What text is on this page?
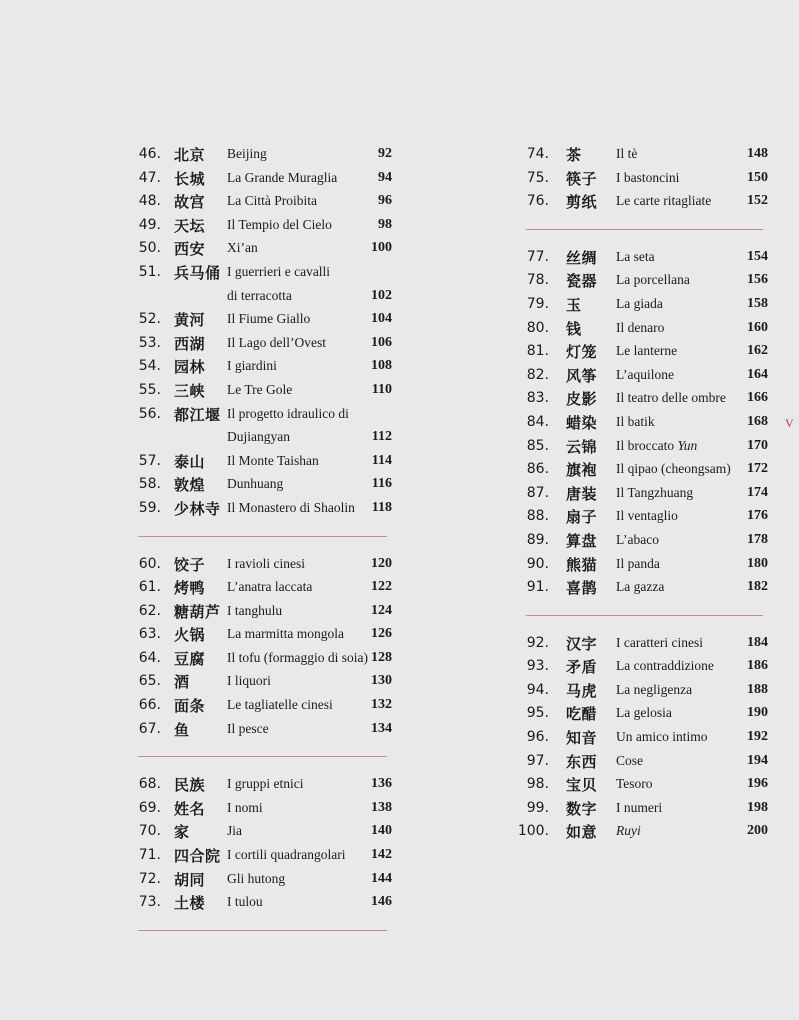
46. 北京 Beijing	92
47. 长城 La Grande Muraglia	94
48. 故宫 La Città Proibita	96
49. 天坛 Il Tempio del Cielo	98
50. 西安 Xi’an	100
51. 兵马俑 I guerrieri e cavalli
di terracotta	102
52. 黄河 Il Fiume Giallo	104
53. 西湖 Il Lago dell’Ovest	106
54. 园林 I giardini	108
55. 三峡 Le Tre Gole	110
56. 都江堰 Il progetto idraulico di
Dujiangyan	112
57. 泰山 Il Monte Taishan	114
58. 敦煌 Dunhuang	116
59. 少林寺 Il Monastero di Shaolin 118
60. 饺子 I ravioli cinesi	120
61. 烤鸭 L’anatra laccata	122
62. 糖葫芦 I tanghulu	124
63. 火锅 La marmitta mongola 126
64. 豆腐 Il tofu (formaggio di soia) 128
65. 酒	I liquori	130
66. 面条 Le tagliatelle cinesi	132
67. 鱼	Il pesce	134
68. 民族 I gruppi etnici	136
69. 姓名 I nomi	138
70. 家	Jia	140
71. 四合院 I cortili quadrangolari 142
72. 胡同 Gli hutong	144
73. 土楼 I tulou	146
74. 茶	Il tè	148
75. 筷子 I bastoncini	150
76. 剪纸 Le carte ritagliate	152
77. 丝绸 La seta	154
78. 瓷器 La porcellana	156
79. 玉	La giada	158
80. 钱	Il denaro	160
81. 灯笼 Le lanterne	162
82. 风筝 L’aquilone	164
83. 皮影 Il teatro delle ombre 166
84. 蜡染 Il batik	168
85. 云锦 Il broccato Yun	170
86. 旗袍 Il qipao (cheongsam) 172
87. 唐装 Il Tangzhuang	174
88. 扇子 Il ventaglio	176
89. 算盘 L’abaco	178
90. 熊猫 Il panda	180
91. 喜鹊 La gazza	182
92. 汉字 I caratteri cinesi	184
93. 矛盾 La contraddizione 186
94. 马虎 La negligenza	188
95. 吃醋 La gelosia	190
96. 知音 Un amico intimo	192
97. 东西 Cose	194
98. 宝贝 Tesoro	196
99. 数字 I numeri	198
100. 如意 Ruyi	200
V
